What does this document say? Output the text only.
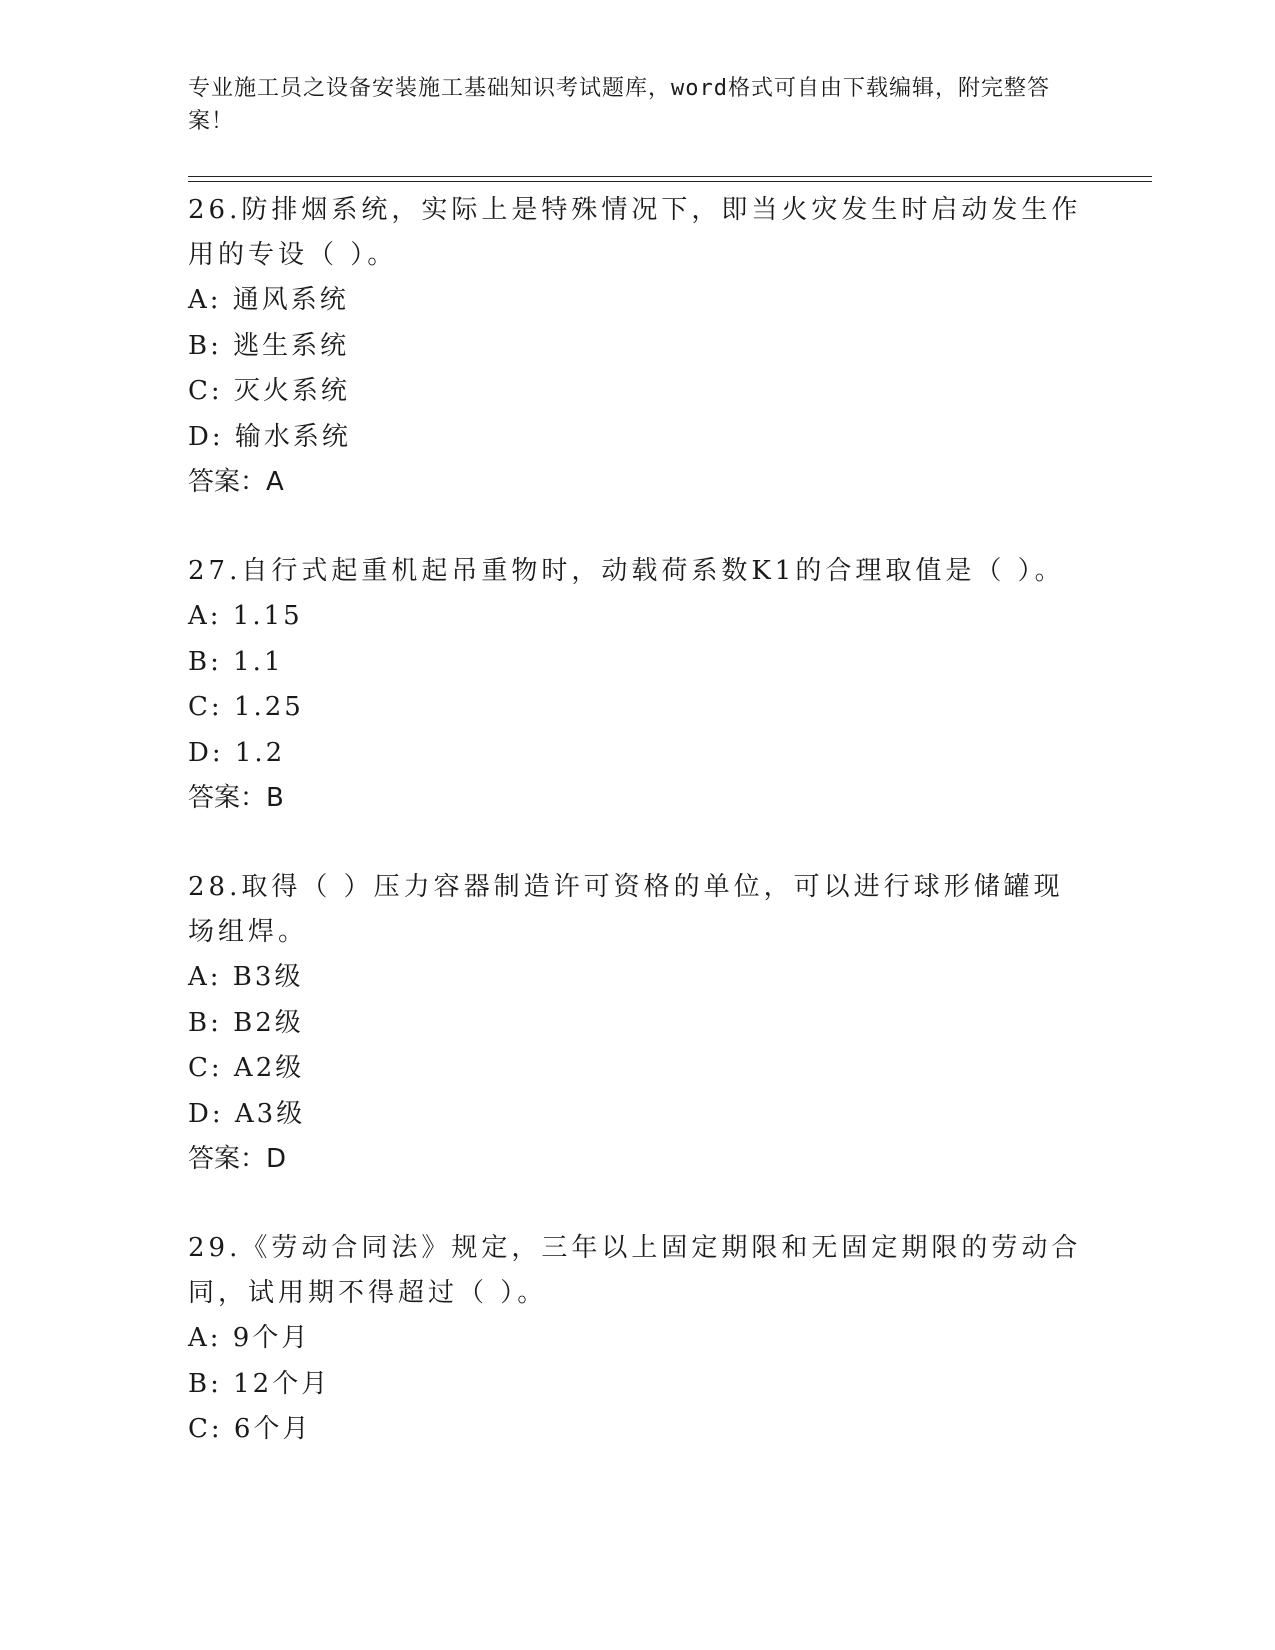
专业施工员之设备安装施工基础知识考试题库，word格式可自由下载编辑，附完整答案！

26.防排烟系统，实际上是特殊情况下，即当火灾发生时启动发生作用的专设（ ）。

A: 通风系统

B: 逃生系统

C: 灭火系统

D: 输水系统

答案：A

27.自行式起重机起吊重物时，动载荷系数K1的合理取值是（ ）。

A: 1.15

B: 1.1

C: 1.25

D: 1.2

答案：B

28.取得（ ）压力容器制造许可资格的单位，可以进行球形储罐现场组焊。

A: B3级

B: B2级

C: A2级

D: A3级

答案：D

29.《劳动合同法》规定，三年以上固定期限和无固定期限的劳动合同，试用期不得超过（ ）。

A: 9个月

B: 12个月

C: 6个月
